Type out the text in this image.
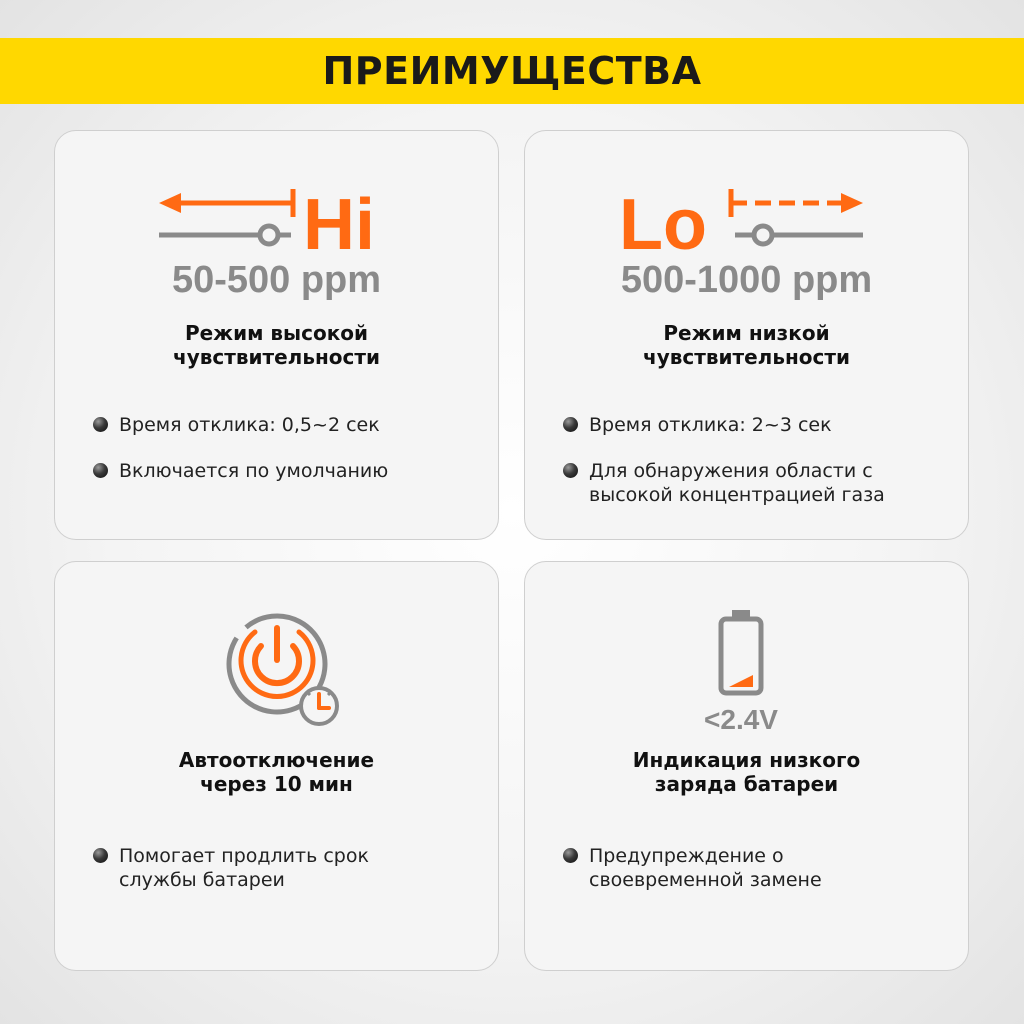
ПРЕИМУЩЕСТВА
Hi
50-500 ppm
Режим высокой
чувствительности
Время отклика: 0,5~2 сек
Включается по умолчанию
Lo
500-1000 ppm
Режим низкой
чувствительности
Время отклика: 2~3 сек
Для обнаружения области с
высокой концентрацией газа
Автоотключение
через 10 мин
Помогает продлить срок
службы батареи
<2.4V
Индикация низкого
заряда батареи
Предупреждение о
своевременной замене
